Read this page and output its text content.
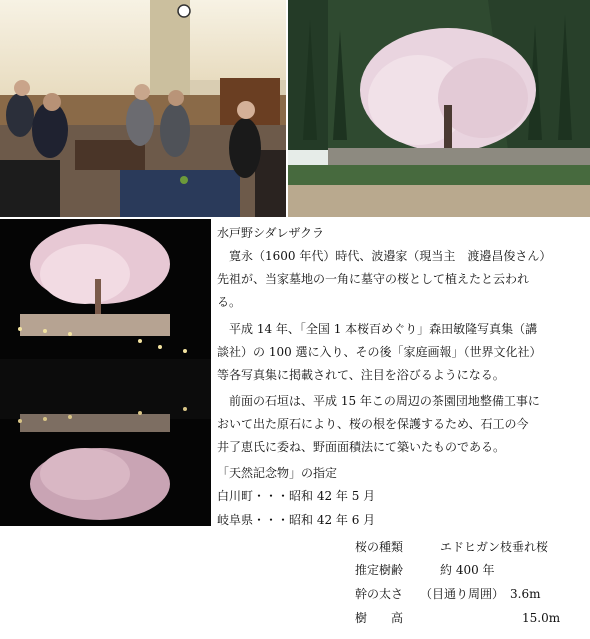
水戸野シダレザクラ
　寛永（1600 年代）時代、波邉家（現当主　渡邉昌俊さん）
先祖が、当家墓地の一角に墓守の桜として植えたと云われ
る。
　平成 14 年、「全国 1 本桜百めぐり」森田敏隆写真集（講
談社）の 100 選に入り、その後「家庭画報」（世界文化社）
等各写真集に掲載されて、注目を浴びるようになる。
　前面の石垣は、平成 15 年この周辺の茶園団地整備工事に
おいて出た原石により、桜の根を保護するため、石工の今
井了恵氏に委ね、野面面積法にて築いたものである。
「天然記念物」の指定
白川町・・・昭和 42 年 5 月
岐阜県・・・昭和 42 年 6 月
桜の種類	エドヒガン枝垂れ桜
推定樹齢	約 400 年
幹の太さ （目通り周囲）　3.6m
樹　　高	15.0m
